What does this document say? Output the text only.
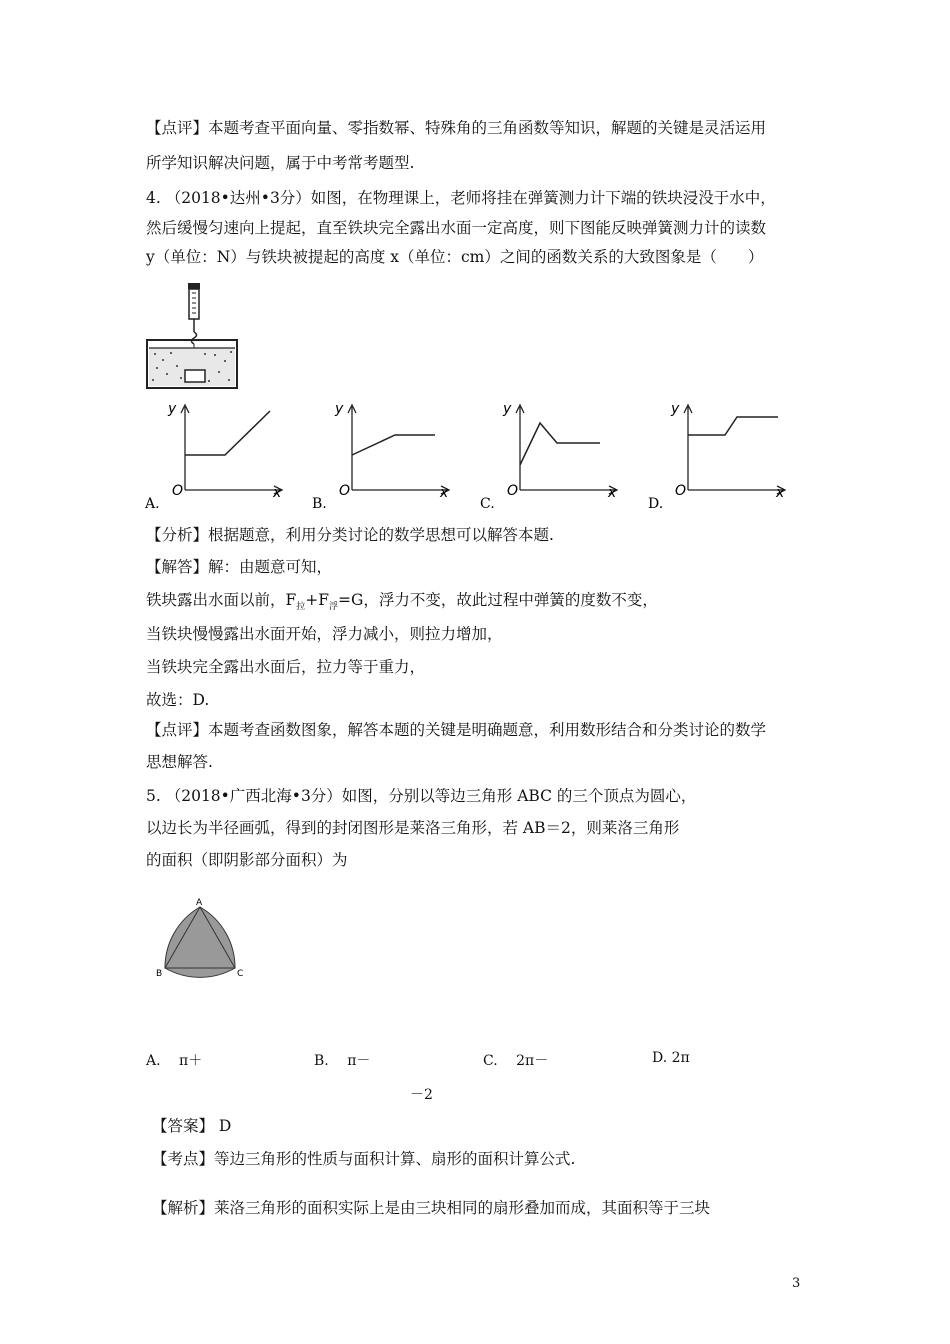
【点评】本题考查平面向量、零指数幂、特殊角的三角函数等知识，解题的关键是灵活运用
所学知识解决问题，属于中考常考题型.
4. （2018•达州•3分）如图，在物理课上，老师将挂在弹簧测力计下端的铁块浸没于水中，
然后缓慢匀速向上提起，直至铁块完全露出水面一定高度，则下图能反映弹簧测力计的读数
y（单位：N）与铁块被提起的高度 x（单位：cm）之间的函数关系的大致图象是（　　）
y
x
O
A.
y
x
O
B.
y
x
O
C.
y
x
O
D.
【分析】根据题意，利用分类讨论的数学思想可以解答本题.
【解答】解：由题意可知，
铁块露出水面以前，$F_拉+F_浮=G$，浮力不变，故此过程中弹簧的度数不变，
当铁块慢慢露出水面开始，浮力减小，则拉力增加，
当铁块完全露出水面后，拉力等于重力，
故选：D.
【点评】本题考查函数图象，解答本题的关键是明确题意，利用数形结合和分类讨论的数学
思想解答.
5. （2018•广西北海•3分）如图，分别以等边三角形 ABC 的三个顶点为圆心，
以边长为半径画弧，得到的封闭图形是莱洛三角形，若 AB＝2，则莱洛三角形
的面积（即阴影部分面积）为
A
B	C
A.　 π＋	B.　 π－	C.　 2π－	D. 2π
－2
【答案】 D
【考点】等边三角形的性质与面积计算、扇形的面积计算公式.
【解析】莱洛三角形的面积实际上是由三块相同的扇形叠加而成，其面积等于三块
3
